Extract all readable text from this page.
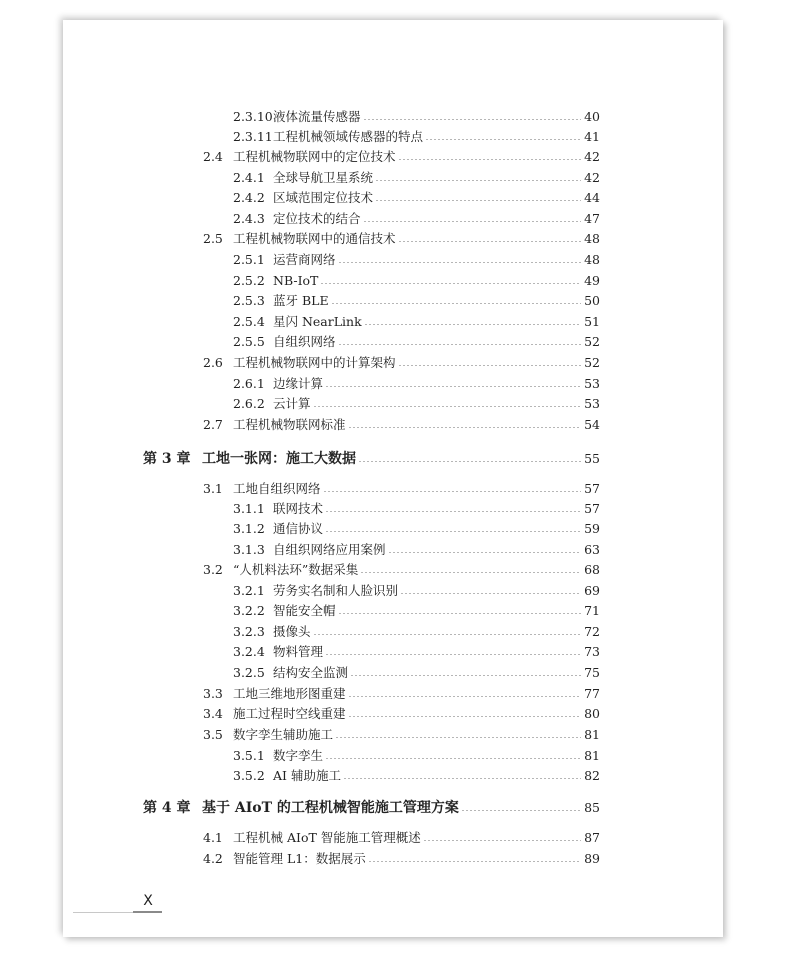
2.3.10 液体流量传感器	40
2.3.11 工程机械领域传感器的特点	41
2.4 工程机械物联网中的定位技术	42
2.4.1 全球导航卫星系统	42
2.4.2 区域范围定位技术	44
2.4.3 定位技术的结合	47
2.5 工程机械物联网中的通信技术	48
2.5.1 运营商网络	48
2.5.2 NB-IoT	49
2.5.3 蓝牙 BLE	50
2.5.4 星闪 NearLink	51
2.5.5 自组织网络	52
2.6 工程机械物联网中的计算架构	52
2.6.1 边缘计算	53
2.6.2 云计算	53
2.7 工程机械物联网标准	54
第 3 章 工地一张网：施工大数据	55
3.1 工地自组织网络	57
3.1.1 联网技术	57
3.1.2 通信协议	59
3.1.3 自组织网络应用案例	63
3.2 “人机料法环”数据采集	68
3.2.1 劳务实名制和人脸识别	69
3.2.2 智能安全帽	71
3.2.3 摄像头	72
3.2.4 物料管理	73
3.2.5 结构安全监测	75
3.3 工地三维地形图重建	77
3.4 施工过程时空线重建	80
3.5 数字孪生辅助施工	81
3.5.1 数字孪生	81
3.5.2 AI 辅助施工	82
第 4 章 基于 AIoT 的工程机械智能施工管理方案	85
4.1 工程机械 AIoT 智能施工管理概述	87
4.2 智能管理 L1：数据展示	89
X
